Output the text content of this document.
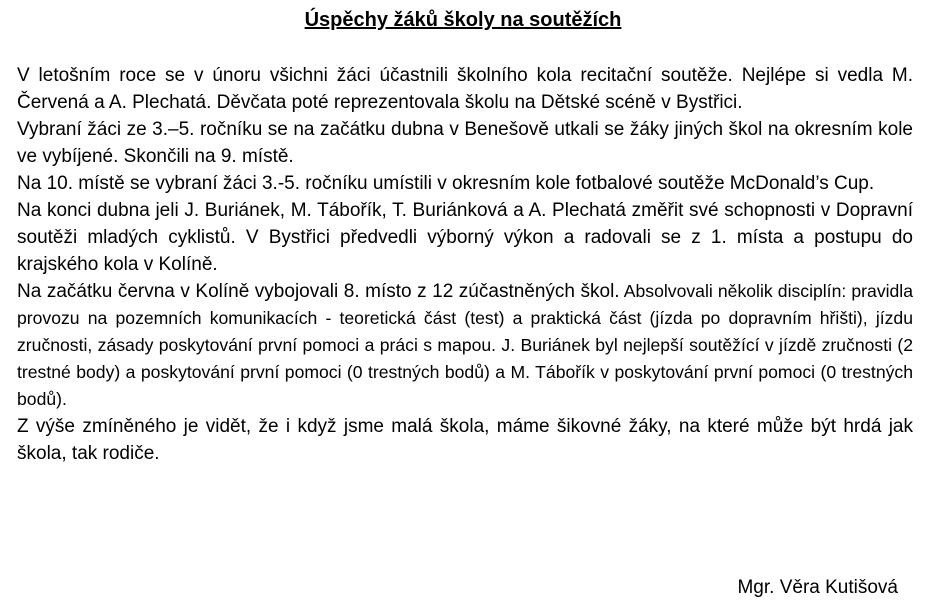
Úspěchy žáků školy na soutěžích

V letošním roce se v únoru všichni žáci účastnili školního kola recitační soutěže. Nejlépe si vedla M. Červená a A. Plechatá. Děvčata poté reprezentovala školu na Dětské scéně v Bystřici.

Vybraní žáci ze 3.–5. ročníku se na začátku dubna v Benešově utkali se žáky jiných škol na okresním kole ve vybíjené. Skončili na 9. místě.

Na 10. místě se vybraní žáci 3.-5. ročníku umístili v okresním kole fotbalové soutěže McDonald’s Cup.

Na konci dubna jeli J. Buriánek, M. Tábořík, T. Buriánková a A. Plechatá změřit své schopnosti v Dopravní soutěži mladých cyklistů. V Bystřici předvedli výborný výkon a radovali se z 1. místa a postupu do krajského kola v Kolíně.

Na začátku června v Kolíně vybojovali 8. místo z 12 zúčastněných škol. Absolvovali několik disciplín: pravidla provozu na pozemních komunikacích - teoretická část (test) a praktická část (jízda po dopravním hřišti), jízdu zručnosti, zásady poskytování první pomoci a práci s mapou. J. Buriánek byl nejlepší soutěžící v jízdě zručnosti (2 trestné body) a poskytování první pomoci (0 trestných bodů) a M. Tábořík v poskytování první pomoci (0 trestných bodů).

Z výše zmíněného je vidět, že i když jsme malá škola, máme šikovné žáky, na které může být hrdá jak škola, tak rodiče.

Mgr. Věra Kutišová
